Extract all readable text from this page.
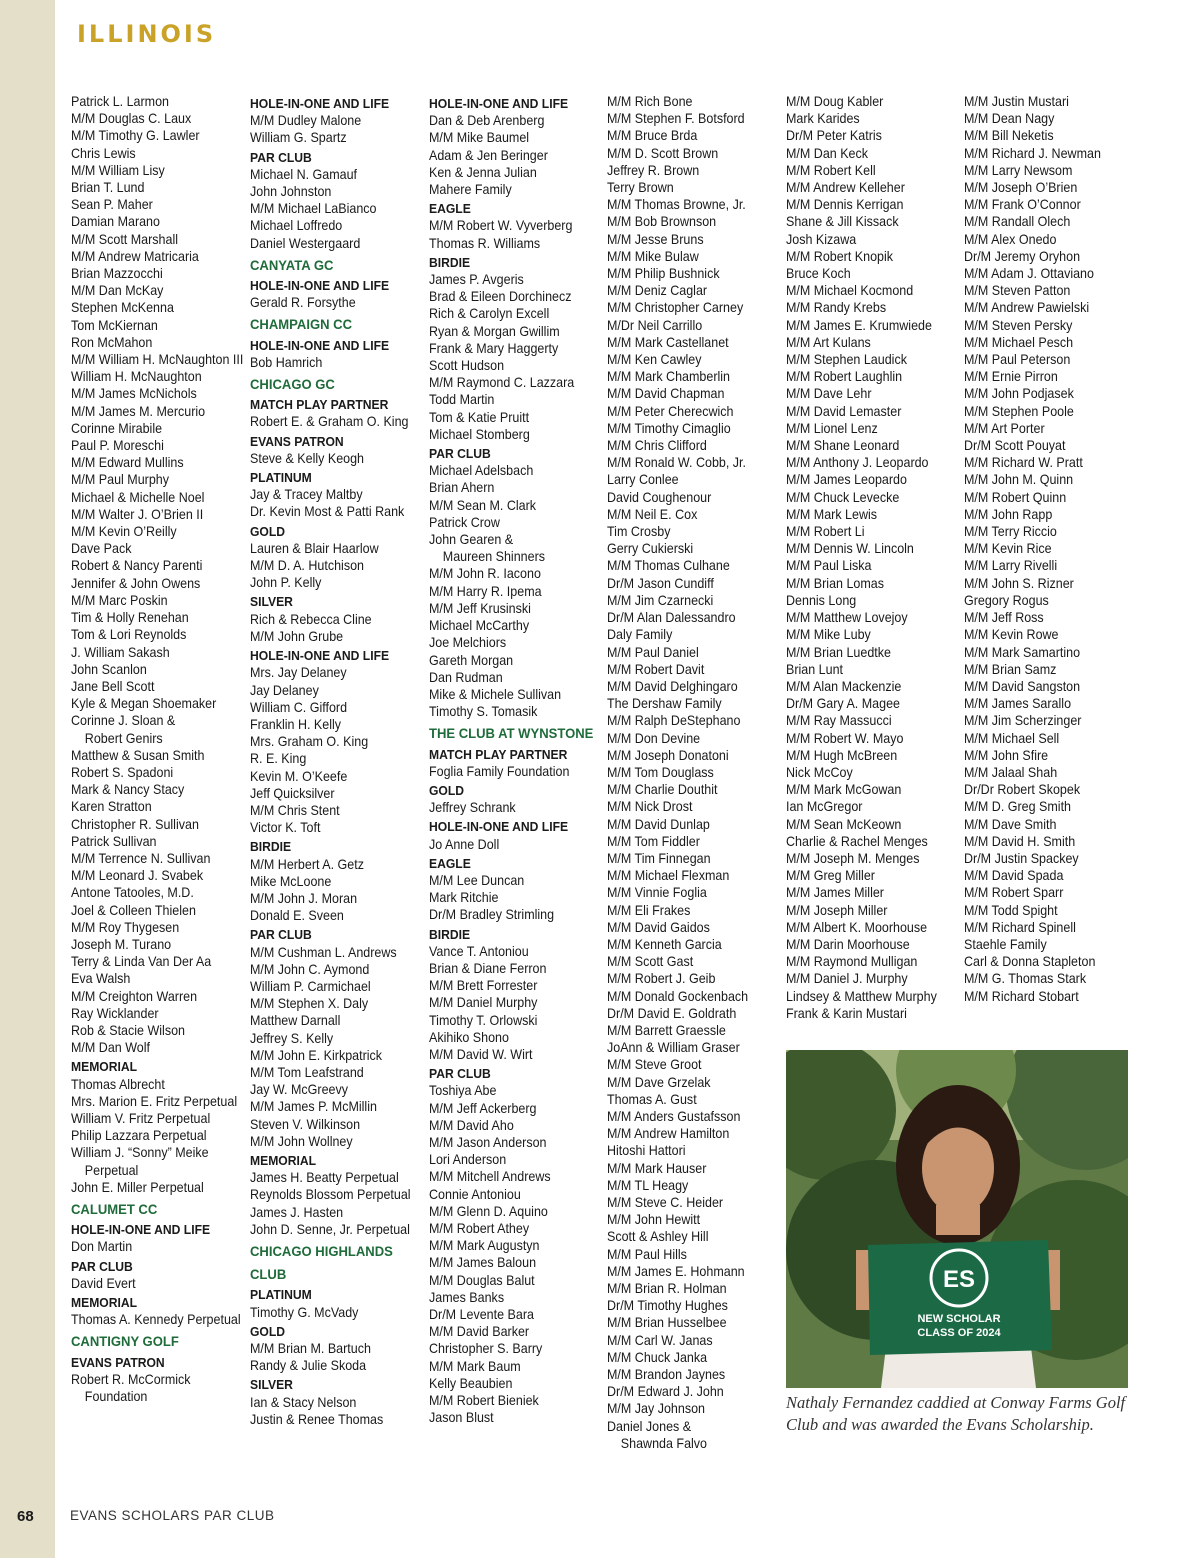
ILLINOIS
Patrick L. Larmon
M/M Douglas C. Laux
M/M Timothy G. Lawler
Chris Lewis
M/M William Lisy
Brian T. Lund
Sean P. Maher
Damian Marano
M/M Scott Marshall
M/M Andrew Matricaria
Brian Mazzocchi
M/M Dan McKay
Stephen McKenna
Tom McKiernan
Ron McMahon
M/M William H. McNaughton III
William H. McNaughton
M/M James McNichols
M/M James M. Mercurio
Corinne Mirabile
Paul P. Moreschi
M/M Edward Mullins
M/M Paul Murphy
Michael & Michelle Noel
M/M Walter J. O’Brien II
M/M Kevin O’Reilly
Dave Pack
Robert & Nancy Parenti
Jennifer & John Owens
M/M Marc Poskin
Tim & Holly Renehan
Tom & Lori Reynolds
J. William Sakash
John Scanlon
Jane Bell Scott
Kyle & Megan Shoemaker
Corinne J. Sloan &
Robert Genirs
Matthew & Susan Smith
Robert S. Spadoni
Mark & Nancy Stacy
Karen Stratton
Christopher R. Sullivan
Patrick Sullivan
M/M Terrence N. Sullivan
M/M Leonard J. Svabek
Antone Tatooles, M.D.
Joel & Colleen Thielen
M/M Roy Thygesen
Joseph M. Turano
Terry & Linda Van Der Aa
Eva Walsh
M/M Creighton Warren
Ray Wicklander
Rob & Stacie Wilson
M/M Dan Wolf
MEMORIAL
Thomas Albrecht
Mrs. Marion E. Fritz Perpetual
William V. Fritz Perpetual
Philip Lazzara Perpetual
William J. “Sonny” Meike
Perpetual
John E. Miller Perpetual
CALUMET CC
HOLE-IN-ONE AND LIFE
Don Martin
PAR CLUB
David Evert
MEMORIAL
Thomas A. Kennedy Perpetual
CANTIGNY GOLF
EVANS PATRON
Robert R. McCormick
Foundation
HOLE-IN-ONE AND LIFE
M/M Dudley Malone
William G. Spartz
PAR CLUB
Michael N. Gamauf
John Johnston
M/M Michael LaBianco
Michael Loffredo
Daniel Westergaard
CANYATA GC
HOLE-IN-ONE AND LIFE
Gerald R. Forsythe
CHAMPAIGN CC
HOLE-IN-ONE AND LIFE
Bob Hamrich
CHICAGO GC
MATCH PLAY PARTNER
Robert E. & Graham O. King
EVANS PATRON
Steve & Kelly Keogh
PLATINUM
Jay & Tracey Maltby
Dr. Kevin Most & Patti Rank
GOLD
Lauren & Blair Haarlow
M/M D. A. Hutchison
John P. Kelly
SILVER
Rich & Rebecca Cline
M/M John Grube
HOLE-IN-ONE AND LIFE
Mrs. Jay Delaney
Jay Delaney
William C. Gifford
Franklin H. Kelly
Mrs. Graham O. King
R. E. King
Kevin M. O’Keefe
Jeff Quicksilver
M/M Chris Stent
Victor K. Toft
BIRDIE
M/M Herbert A. Getz
Mike McLoone
M/M John J. Moran
Donald E. Sveen
PAR CLUB
M/M Cushman L. Andrews
M/M John C. Aymond
William P. Carmichael
M/M Stephen X. Daly
Matthew Darnall
Jeffrey S. Kelly
M/M John E. Kirkpatrick
M/M Tom Leafstrand
Jay W. McGreevy
M/M James P. McMillin
Steven V. Wilkinson
M/M John Wollney
MEMORIAL
James H. Beatty Perpetual
Reynolds Blossom Perpetual
James J. Hasten
John D. Senne, Jr. Perpetual
CHICAGO HIGHLANDS
CLUB
PLATINUM
Timothy G. McVady
GOLD
M/M Brian M. Bartuch
Randy & Julie Skoda
SILVER
Ian & Stacy Nelson
Justin & Renee Thomas
HOLE-IN-ONE AND LIFE
Dan & Deb Arenberg
M/M Mike Baumel
Adam & Jen Beringer
Ken & Jenna Julian
Mahere Family
EAGLE
M/M Robert W. Vyverberg
Thomas R. Williams
BIRDIE
James P. Avgeris
Brad & Eileen Dorchinecz
Rich & Carolyn Excell
Ryan & Morgan Gwillim
Frank & Mary Haggerty
Scott Hudson
M/M Raymond C. Lazzara
Todd Martin
Tom & Katie Pruitt
Michael Stomberg
PAR CLUB
Michael Adelsbach
Brian Ahern
M/M Sean M. Clark
Patrick Crow
John Gearen &
Maureen Shinners
M/M John R. Iacono
M/M Harry R. Ipema
M/M Jeff Krusinski
Michael McCarthy
Joe Melchiors
Gareth Morgan
Dan Rudman
Mike & Michele Sullivan
Timothy S. Tomasik
THE CLUB AT WYNSTONE
MATCH PLAY PARTNER
Foglia Family Foundation
GOLD
Jeffrey Schrank
HOLE-IN-ONE AND LIFE
Jo Anne Doll
EAGLE
M/M Lee Duncan
Mark Ritchie
Dr/M Bradley Strimling
BIRDIE
Vance T. Antoniou
Brian & Diane Ferron
M/M Brett Forrester
M/M Daniel Murphy
Timothy T. Orlowski
Akihiko Shono
M/M David W. Wirt
PAR CLUB
Toshiya Abe
M/M Jeff Ackerberg
M/M David Aho
M/M Jason Anderson
Lori Anderson
M/M Mitchell Andrews
Connie Antoniou
M/M Glenn D. Aquino
M/M Robert Athey
M/M Mark Augustyn
M/M James Baloun
M/M Douglas Balut
James Banks
Dr/M Levente Bara
M/M David Barker
Christopher S. Barry
M/M Mark Baum
Kelly Beaubien
M/M Robert Bieniek
Jason Blust
M/M Rich Bone
M/M Stephen F. Botsford
M/M Bruce Brda
M/M D. Scott Brown
Jeffrey R. Brown
Terry Brown
M/M Thomas Browne, Jr.
M/M Bob Brownson
M/M Jesse Bruns
M/M Mike Bulaw
M/M Philip Bushnick
M/M Deniz Caglar
M/M Christopher Carney
M/Dr Neil Carrillo
M/M Mark Castellanet
M/M Ken Cawley
M/M Mark Chamberlin
M/M David Chapman
M/M Peter Cherecwich
M/M Timothy Cimaglio
M/M Chris Clifford
M/M Ronald W. Cobb, Jr.
Larry Conlee
David Coughenour
M/M Neil E. Cox
Tim Crosby
Gerry Cukierski
M/M Thomas Culhane
Dr/M Jason Cundiff
M/M Jim Czarnecki
Dr/M Alan Dalessandro
Daly Family
M/M Paul Daniel
M/M Robert Davit
M/M David Delghingaro
The Dershaw Family
M/M Ralph DeStephano
M/M Don Devine
M/M Joseph Donatoni
M/M Tom Douglass
M/M Charlie Douthit
M/M Nick Drost
M/M David Dunlap
M/M Tom Fiddler
M/M Tim Finnegan
M/M Michael Flexman
M/M Vinnie Foglia
M/M Eli Frakes
M/M David Gaidos
M/M Kenneth Garcia
M/M Scott Gast
M/M Robert J. Geib
M/M Donald Gockenbach
Dr/M David E. Goldrath
M/M Barrett Graessle
JoAnn & William Graser
M/M Steve Groot
M/M Dave Grzelak
Thomas A. Gust
M/M Anders Gustafsson
M/M Andrew Hamilton
Hitoshi Hattori
M/M Mark Hauser
M/M TL Heagy
M/M Steve C. Heider
M/M John Hewitt
Scott & Ashley Hill
M/M Paul Hills
M/M James E. Hohmann
M/M Brian R. Holman
Dr/M Timothy Hughes
M/M Brian Husselbee
M/M Carl W. Janas
M/M Chuck Janka
M/M Brandon Jaynes
Dr/M Edward J. John
M/M Jay Johnson
Daniel Jones &
Shawnda Falvo
M/M Doug Kabler
Mark Karides
Dr/M Peter Katris
M/M Dan Keck
M/M Robert Kell
M/M Andrew Kelleher
M/M Dennis Kerrigan
Shane & Jill Kissack
Josh Kizawa
M/M Robert Knopik
Bruce Koch
M/M Michael Kocmond
M/M Randy Krebs
M/M James E. Krumwiede
M/M Art Kulans
M/M Stephen Laudick
M/M Robert Laughlin
M/M Dave Lehr
M/M David Lemaster
M/M Lionel Lenz
M/M Shane Leonard
M/M Anthony J. Leopardo
M/M James Leopardo
M/M Chuck Levecke
M/M Mark Lewis
M/M Robert Li
M/M Dennis W. Lincoln
M/M Paul Liska
M/M Brian Lomas
Dennis Long
M/M Matthew Lovejoy
M/M Mike Luby
M/M Brian Luedtke
Brian Lunt
M/M Alan Mackenzie
Dr/M Gary A. Magee
M/M Ray Massucci
M/M Robert W. Mayo
M/M Hugh McBreen
Nick McCoy
M/M Mark McGowan
Ian McGregor
M/M Sean McKeown
Charlie & Rachel Menges
M/M Joseph M. Menges
M/M Greg Miller
M/M James Miller
M/M Joseph Miller
M/M Albert K. Moorhouse
M/M Darin Moorhouse
M/M Raymond Mulligan
M/M Daniel J. Murphy
Lindsey & Matthew Murphy
Frank & Karin Mustari
M/M Justin Mustari
M/M Dean Nagy
M/M Bill Neketis
M/M Richard J. Newman
M/M Larry Newsom
M/M Joseph O’Brien
M/M Frank O’Connor
M/M Randall Olech
M/M Alex Onedo
Dr/M Jeremy Oryhon
M/M Adam J. Ottaviano
M/M Steven Patton
M/M Andrew Pawielski
M/M Steven Persky
M/M Michael Pesch
M/M Paul Peterson
M/M Ernie Pirron
M/M John Podjasek
M/M Stephen Poole
M/M Art Porter
Dr/M Scott Pouyat
M/M Richard W. Pratt
M/M John M. Quinn
M/M Robert Quinn
M/M John Rapp
M/M Terry Riccio
M/M Kevin Rice
M/M Larry Rivelli
M/M John S. Rizner
Gregory Rogus
M/M Jeff Ross
M/M Kevin Rowe
M/M Mark Samartino
M/M Brian Samz
M/M David Sangston
M/M James Sarallo
M/M Jim Scherzinger
M/M Michael Sell
M/M John Sfire
M/M Jalaal Shah
Dr/Dr Robert Skopek
M/M D. Greg Smith
M/M Dave Smith
M/M David H. Smith
Dr/M Justin Spackey
M/M David Spada
M/M Robert Sparr
M/M Todd Spight
M/M Richard Spinell
Staehle Family
Carl & Donna Stapleton
M/M G. Thomas Stark
M/M Richard Stobart
ES
NEW SCHOLAR
CLASS OF 2024
Nathaly Fernandez caddied at Conway Farms Golf Club and was awarded the Evans Scholarship.
68	EVANS SCHOLARS PAR CLUB
